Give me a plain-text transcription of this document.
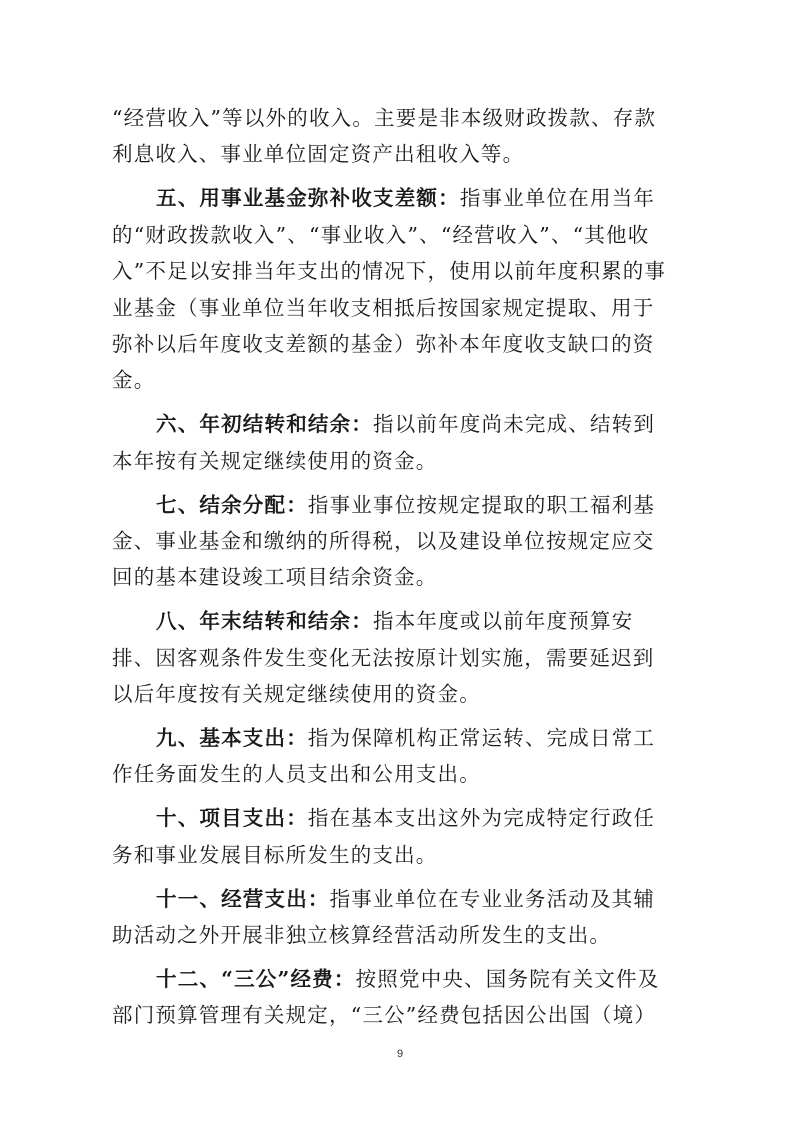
“经营收入”等以外的收入。主要是非本级财政拨款、存款利息收入、事业单位固定资产出租收入等。

五、用事业基金弥补收支差额：指事业单位在用当年的“财政拨款收入”、“事业收入”、“经营收入”、“其他收入”不足以安排当年支出的情况下，使用以前年度积累的事业基金（事业单位当年收支相抵后按国家规定提取、用于弥补以后年度收支差额的基金）弥补本年度收支缺口的资金。

六、年初结转和结余：指以前年度尚未完成、结转到本年按有关规定继续使用的资金。

七、结余分配：指事业事位按规定提取的职工福利基金、事业基金和缴纳的所得税，以及建设单位按规定应交回的基本建设竣工项目结余资金。

八、年末结转和结余：指本年度或以前年度预算安排、因客观条件发生变化无法按原计划实施，需要延迟到以后年度按有关规定继续使用的资金。

九、基本支出：指为保障机构正常运转、完成日常工作任务面发生的人员支出和公用支出。

十、项目支出：指在基本支出这外为完成特定行政任务和事业发展目标所发生的支出。

十一、经营支出：指事业单位在专业业务活动及其辅助活动之外开展非独立核算经营活动所发生的支出。

十二、“三公”经费：按照党中央、国务院有关文件及部门预算管理有关规定，“三公”经费包括因公出国（境）

9
